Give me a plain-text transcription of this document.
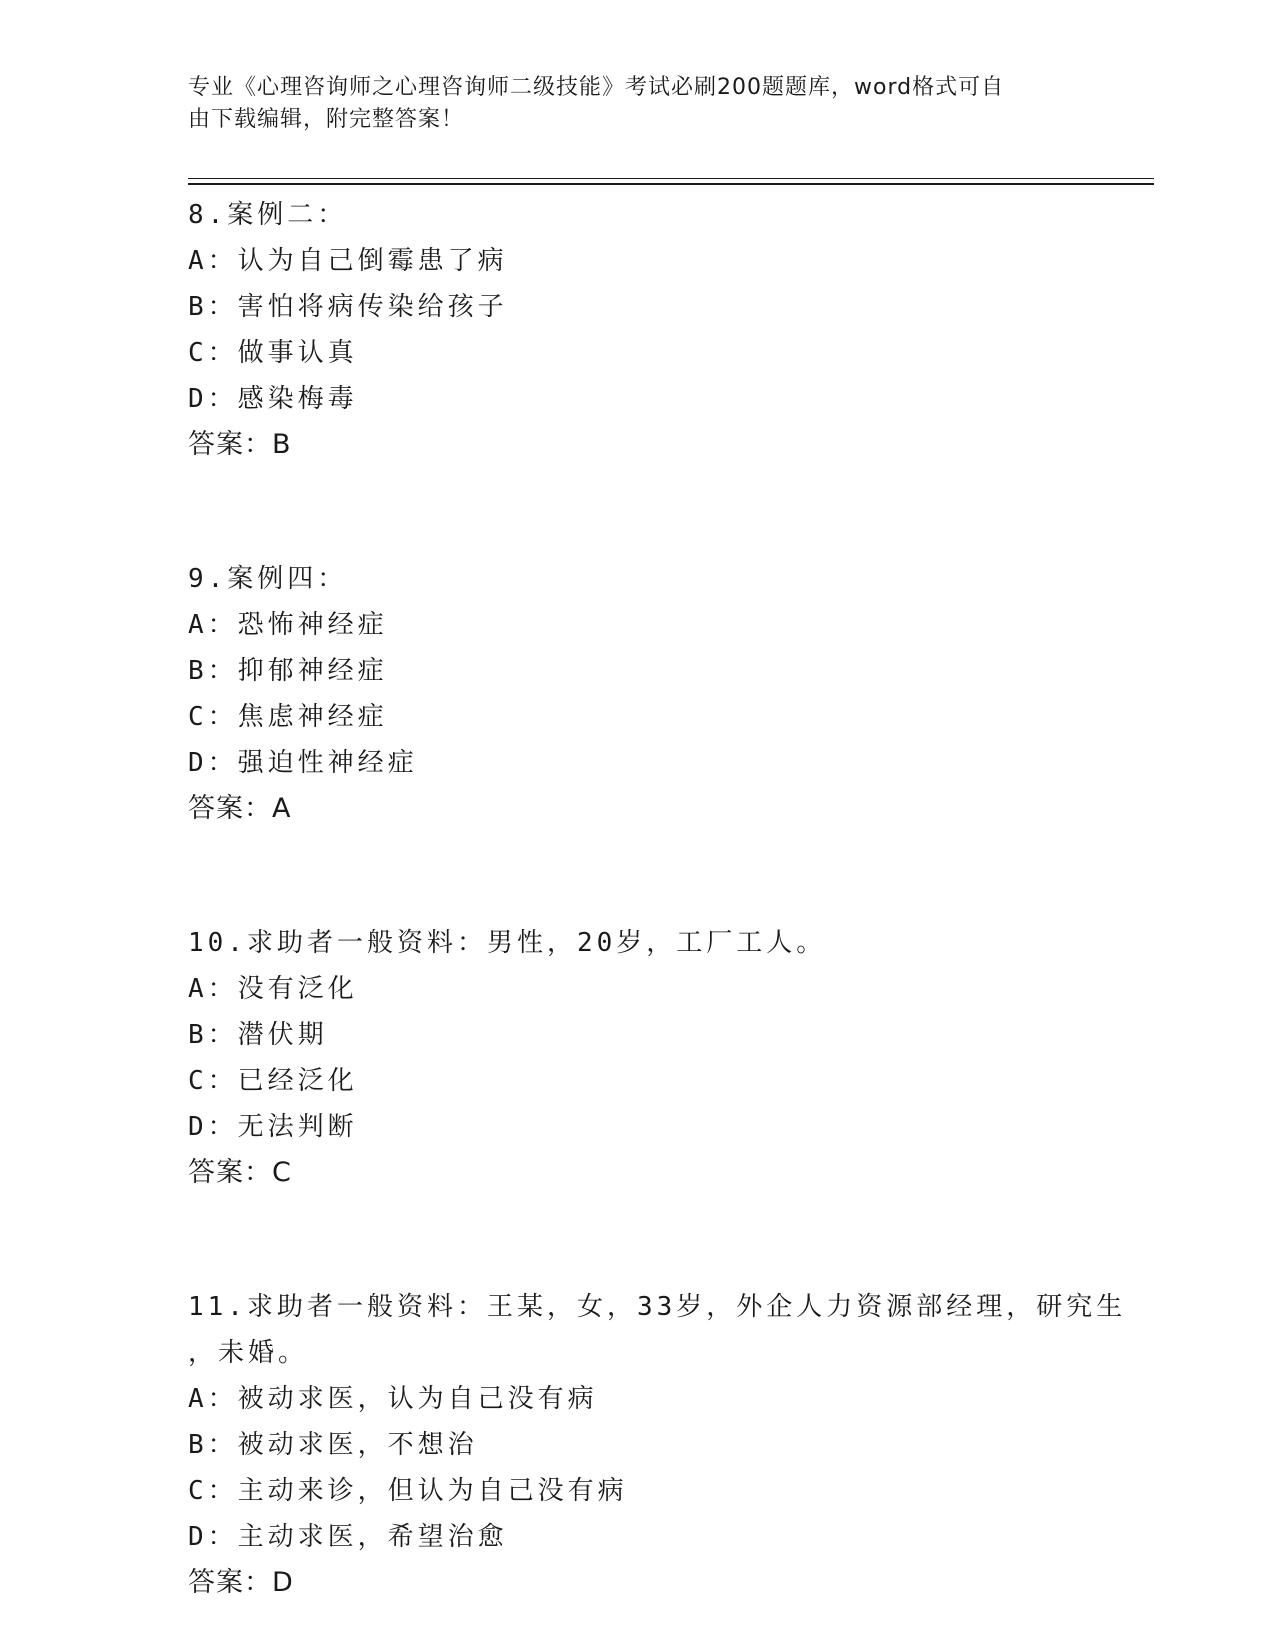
专业《心理咨询师之心理咨询师二级技能》考试必刷200题题库，word格式可自
由下载编辑，附完整答案！
8.案例二：
A：认为自己倒霉患了病
B：害怕将病传染给孩子
C：做事认真
D：感染梅毒
答案：B
9.案例四：
A：恐怖神经症
B：抑郁神经症
C：焦虑神经症
D：强迫性神经症
答案：A
10.求助者一般资料：男性，20岁，工厂工人。
A：没有泛化
B：潜伏期
C：已经泛化
D：无法判断
答案：C
11.求助者一般资料：王某，女，33岁，外企人力资源部经理，研究生
，未婚。
A：被动求医，认为自己没有病
B：被动求医，不想治
C：主动来诊，但认为自己没有病
D：主动求医，希望治愈
答案：D
